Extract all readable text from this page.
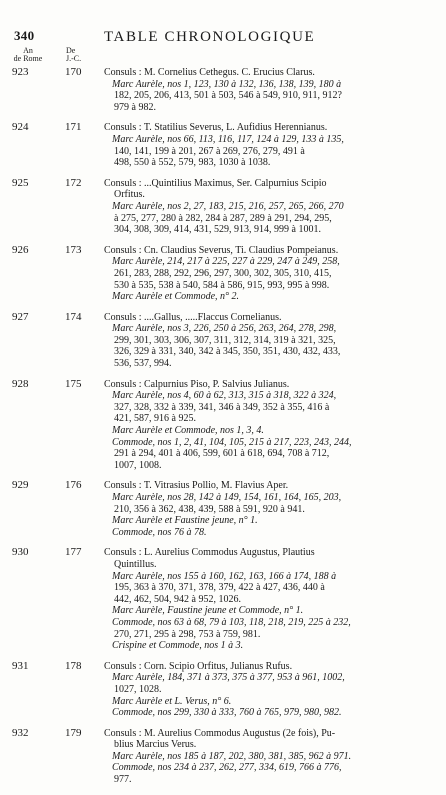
340	TABLE CHRONOLOGIQUE
An
de Rome
De
J.-C.
923	170	Consuls : M. Cornelius Cethegus. C. Erucius Clarus.
Marc Aurèle, nos 1, 123, 130 à 132, 136, 138, 139, 180 à
182, 205, 206, 413, 501 à 503, 546 à 549, 910, 911, 912?
979 à 982.
924	171	Consuls : T. Statilius Severus, L. Aufidius Herennianus.
Marc Aurèle, nos 66, 113, 116, 117, 124 à 129, 133 à 135,
140, 141, 199 à 201, 267 à 269, 276, 279, 491 à
498, 550 à 552, 579, 983, 1030 à 1038.
925	172	Consuls : ...Quintilius Maximus, Ser. Calpurnius Scipio
Orfitus.
Marc Aurèle, nos 2, 27, 183, 215, 216, 257, 265, 266, 270
à 275, 277, 280 à 282, 284 à 287, 289 à 291, 294, 295,
304, 308, 309, 414, 431, 529, 913, 914, 999 à 1001.
926	173	Consuls : Cn. Claudius Severus, Ti. Claudius Pompeianus.
Marc Aurèle, 214, 217 à 225, 227 à 229, 247 à 249, 258,
261, 283, 288, 292, 296, 297, 300, 302, 305, 310, 415,
530 à 535, 538 à 540, 584 à 586, 915, 993, 995 à 998.
Marc Aurèle et Commode, n° 2.
927	174	Consuls : ....Gallus, .....Flaccus Cornelianus.
Marc Aurèle, nos 3, 226, 250 à 256, 263, 264, 278, 298,
299, 301, 303, 306, 307, 311, 312, 314, 319 à 321, 325,
326, 329 à 331, 340, 342 à 345, 350, 351, 430, 432, 433,
536, 537, 994.
928	175	Consuls : Calpurnius Piso, P. Salvius Julianus.
Marc Aurèle, nos 4, 60 à 62, 313, 315 à 318, 322 à 324,
327, 328, 332 à 339, 341, 346 à 349, 352 à 355, 416 à
421, 587, 916 à 925.
Marc Aurèle et Commode, nos 1, 3, 4.
Commode, nos 1, 2, 41, 104, 105, 215 à 217, 223, 243, 244,
291 à 294, 401 à 406, 599, 601 à 618, 694, 708 à 712,
1007, 1008.
929	176	Consuls : T. Vitrasius Pollio, M. Flavius Aper.
Marc Aurèle, nos 28, 142 à 149, 154, 161, 164, 165, 203,
210, 356 à 362, 438, 439, 588 à 591, 920 à 941.
Marc Aurèle et Faustine jeune, n° 1.
Commode, nos 76 à 78.
930	177	Consuls : L. Aurelius Commodus Augustus, Plautius
Quintillus.
Marc Aurèle, nos 155 à 160, 162, 163, 166 à 174, 188 à
195, 363 à 370, 371, 378, 379, 422 à 427, 436, 440 à
442, 462, 504, 942 à 952, 1026.
Marc Aurèle, Faustine jeune et Commode, n° 1.
Commode, nos 63 à 68, 79 à 103, 118, 218, 219, 225 à 232,
270, 271, 295 à 298, 753 à 759, 981.
Crispine et Commode, nos 1 à 3.
931	178	Consuls : Corn. Scipio Orfitus, Julianus Rufus.
Marc Aurèle, 184, 371 à 373, 375 à 377, 953 à 961, 1002,
1027, 1028.
Marc Aurèle et L. Verus, n° 6.
Commode, nos 299, 330 à 333, 760 à 765, 979, 980, 982.
932	179	Consuls : M. Aurelius Commodus Augustus (2e fois), Pu-
blius Marcius Verus.
Marc Aurèle, nos 185 à 187, 202, 380, 381, 385, 962 à 971.
Commode, nos 234 à 237, 262, 277, 334, 619, 766 à 776,
977.
